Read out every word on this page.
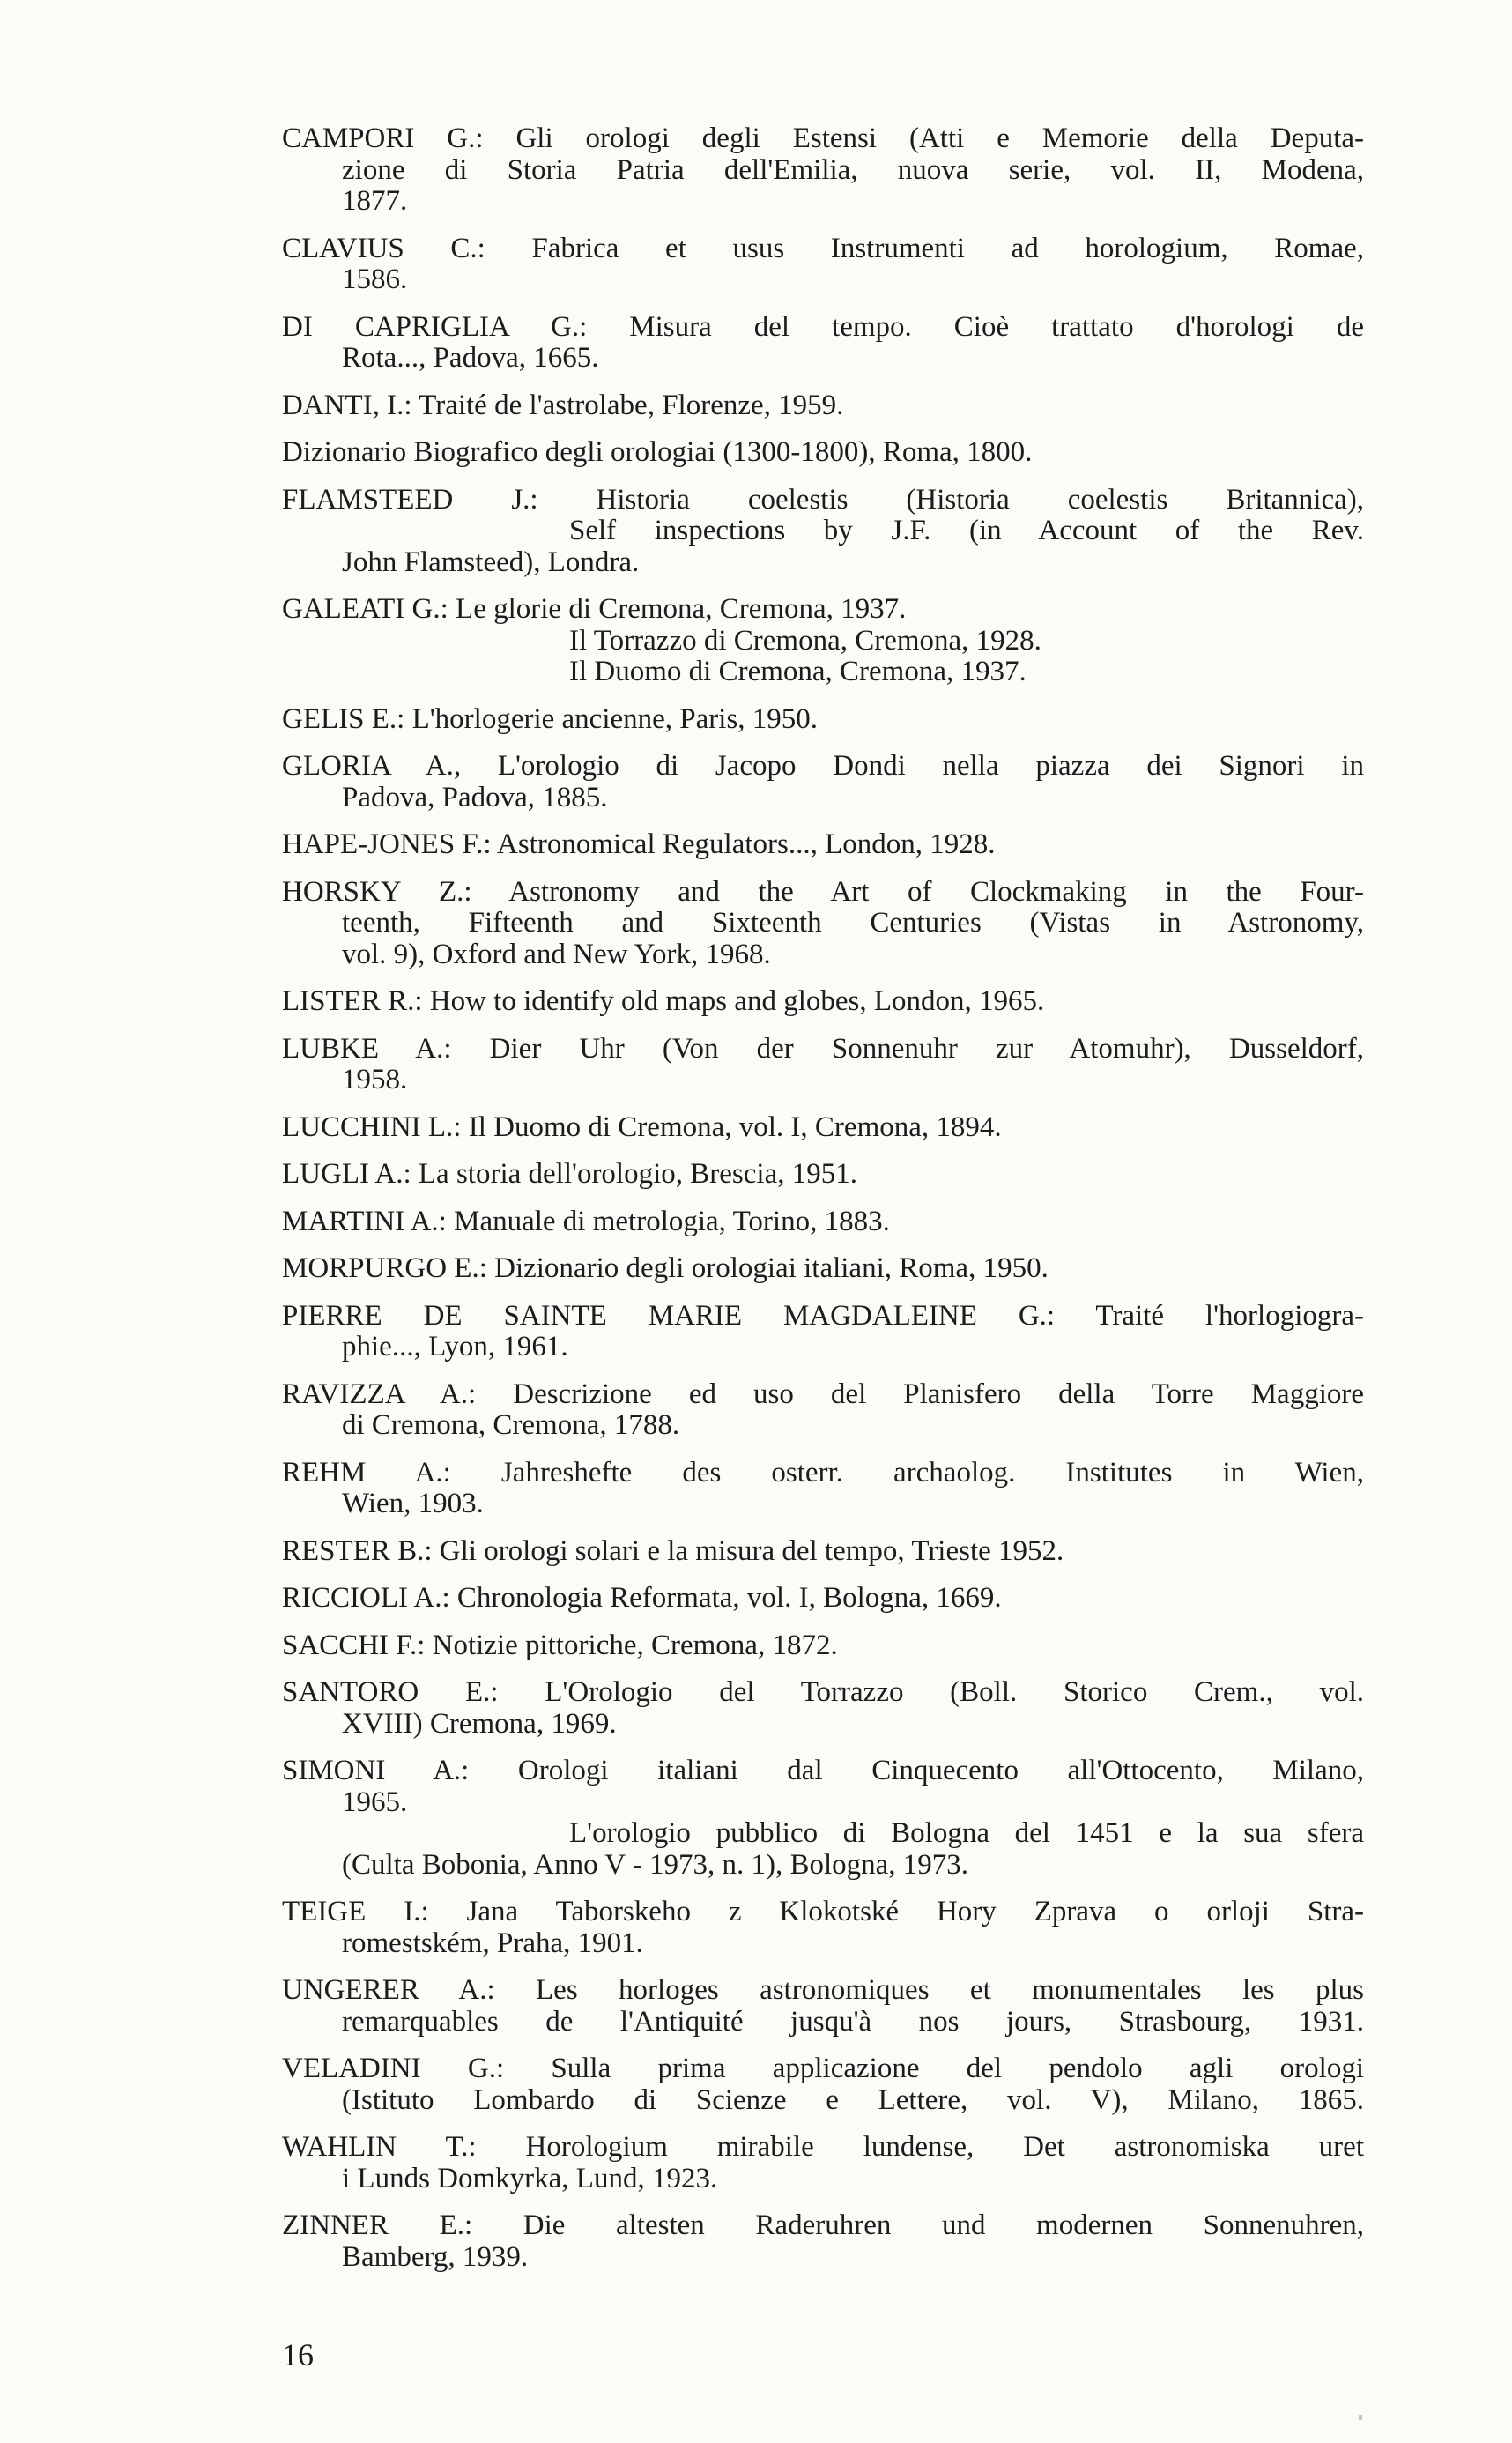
CAMPORI G.: Gli orologi degli Estensi (Atti e Memorie della Deputa-
zione di Storia Patria dell'Emilia, nuova serie, vol. II, Modena,
1877.
CLAVIUS C.: Fabrica et usus Instrumenti ad horologium, Romae,
1586.
DI CAPRIGLIA G.: Misura del tempo. Cioè trattato d'horologi de
Rota..., Padova, 1665.
DANTI, I.: Traité de l'astrolabe, Florenze, 1959.
Dizionario Biografico degli orologiai (1300-1800), Roma, 1800.
FLAMSTEED J.: Historia coelestis (Historia coelestis Britannica),
Self inspections by J.F. (in Account of the Rev.
John Flamsteed), Londra.
GALEATI G.: Le glorie di Cremona, Cremona, 1937.
Il Torrazzo di Cremona, Cremona, 1928.
Il Duomo di Cremona, Cremona, 1937.
GELIS E.: L'horlogerie ancienne, Paris, 1950.
GLORIA A., L'orologio di Jacopo Dondi nella piazza dei Signori in
Padova, Padova, 1885.
HAPE-JONES F.: Astronomical Regulators..., London, 1928.
HORSKY Z.: Astronomy and the Art of Clockmaking in the Four-
teenth, Fifteenth and Sixteenth Centuries (Vistas in Astronomy,
vol. 9), Oxford and New York, 1968.
LISTER R.: How to identify old maps and globes, London, 1965.
LUBKE A.: Dier Uhr (Von der Sonnenuhr zur Atomuhr), Dusseldorf,
1958.
LUCCHINI L.: Il Duomo di Cremona, vol. I, Cremona, 1894.
LUGLI A.: La storia dell'orologio, Brescia, 1951.
MARTINI A.: Manuale di metrologia, Torino, 1883.
MORPURGO E.: Dizionario degli orologiai italiani, Roma, 1950.
PIERRE DE SAINTE MARIE MAGDALEINE G.: Traité l'horlogiogra-
phie..., Lyon, 1961.
RAVIZZA A.: Descrizione ed uso del Planisfero della Torre Maggiore
di Cremona, Cremona, 1788.
REHM A.: Jahreshefte des osterr. archaolog. Institutes in Wien,
Wien, 1903.
RESTER B.: Gli orologi solari e la misura del tempo, Trieste 1952.
RICCIOLI A.: Chronologia Reformata, vol. I, Bologna, 1669.
SACCHI F.: Notizie pittoriche, Cremona, 1872.
SANTORO E.: L'Orologio del Torrazzo (Boll. Storico Crem., vol.
XVIII) Cremona, 1969.
SIMONI A.: Orologi italiani dal Cinquecento all'Ottocento, Milano,
1965.
L'orologio pubblico di Bologna del 1451 e la sua sfera
(Culta Bobonia, Anno V - 1973, n. 1), Bologna, 1973.
TEIGE I.: Jana Taborskeho z Klokotské Hory Zprava o orloji Stra-
romestském, Praha, 1901.
UNGERER A.: Les horloges astronomiques et monumentales les plus
remarquables de l'Antiquité jusqu'à nos jours, Strasbourg, 1931.
VELADINI G.: Sulla prima applicazione del pendolo agli orologi
(Istituto Lombardo di Scienze e Lettere, vol. V), Milano, 1865.
WAHLIN T.: Horologium mirabile lundense, Det astronomiska uret
i Lunds Domkyrka, Lund, 1923.
ZINNER E.: Die altesten Raderuhren und modernen Sonnenuhren,
Bamberg, 1939.
16
